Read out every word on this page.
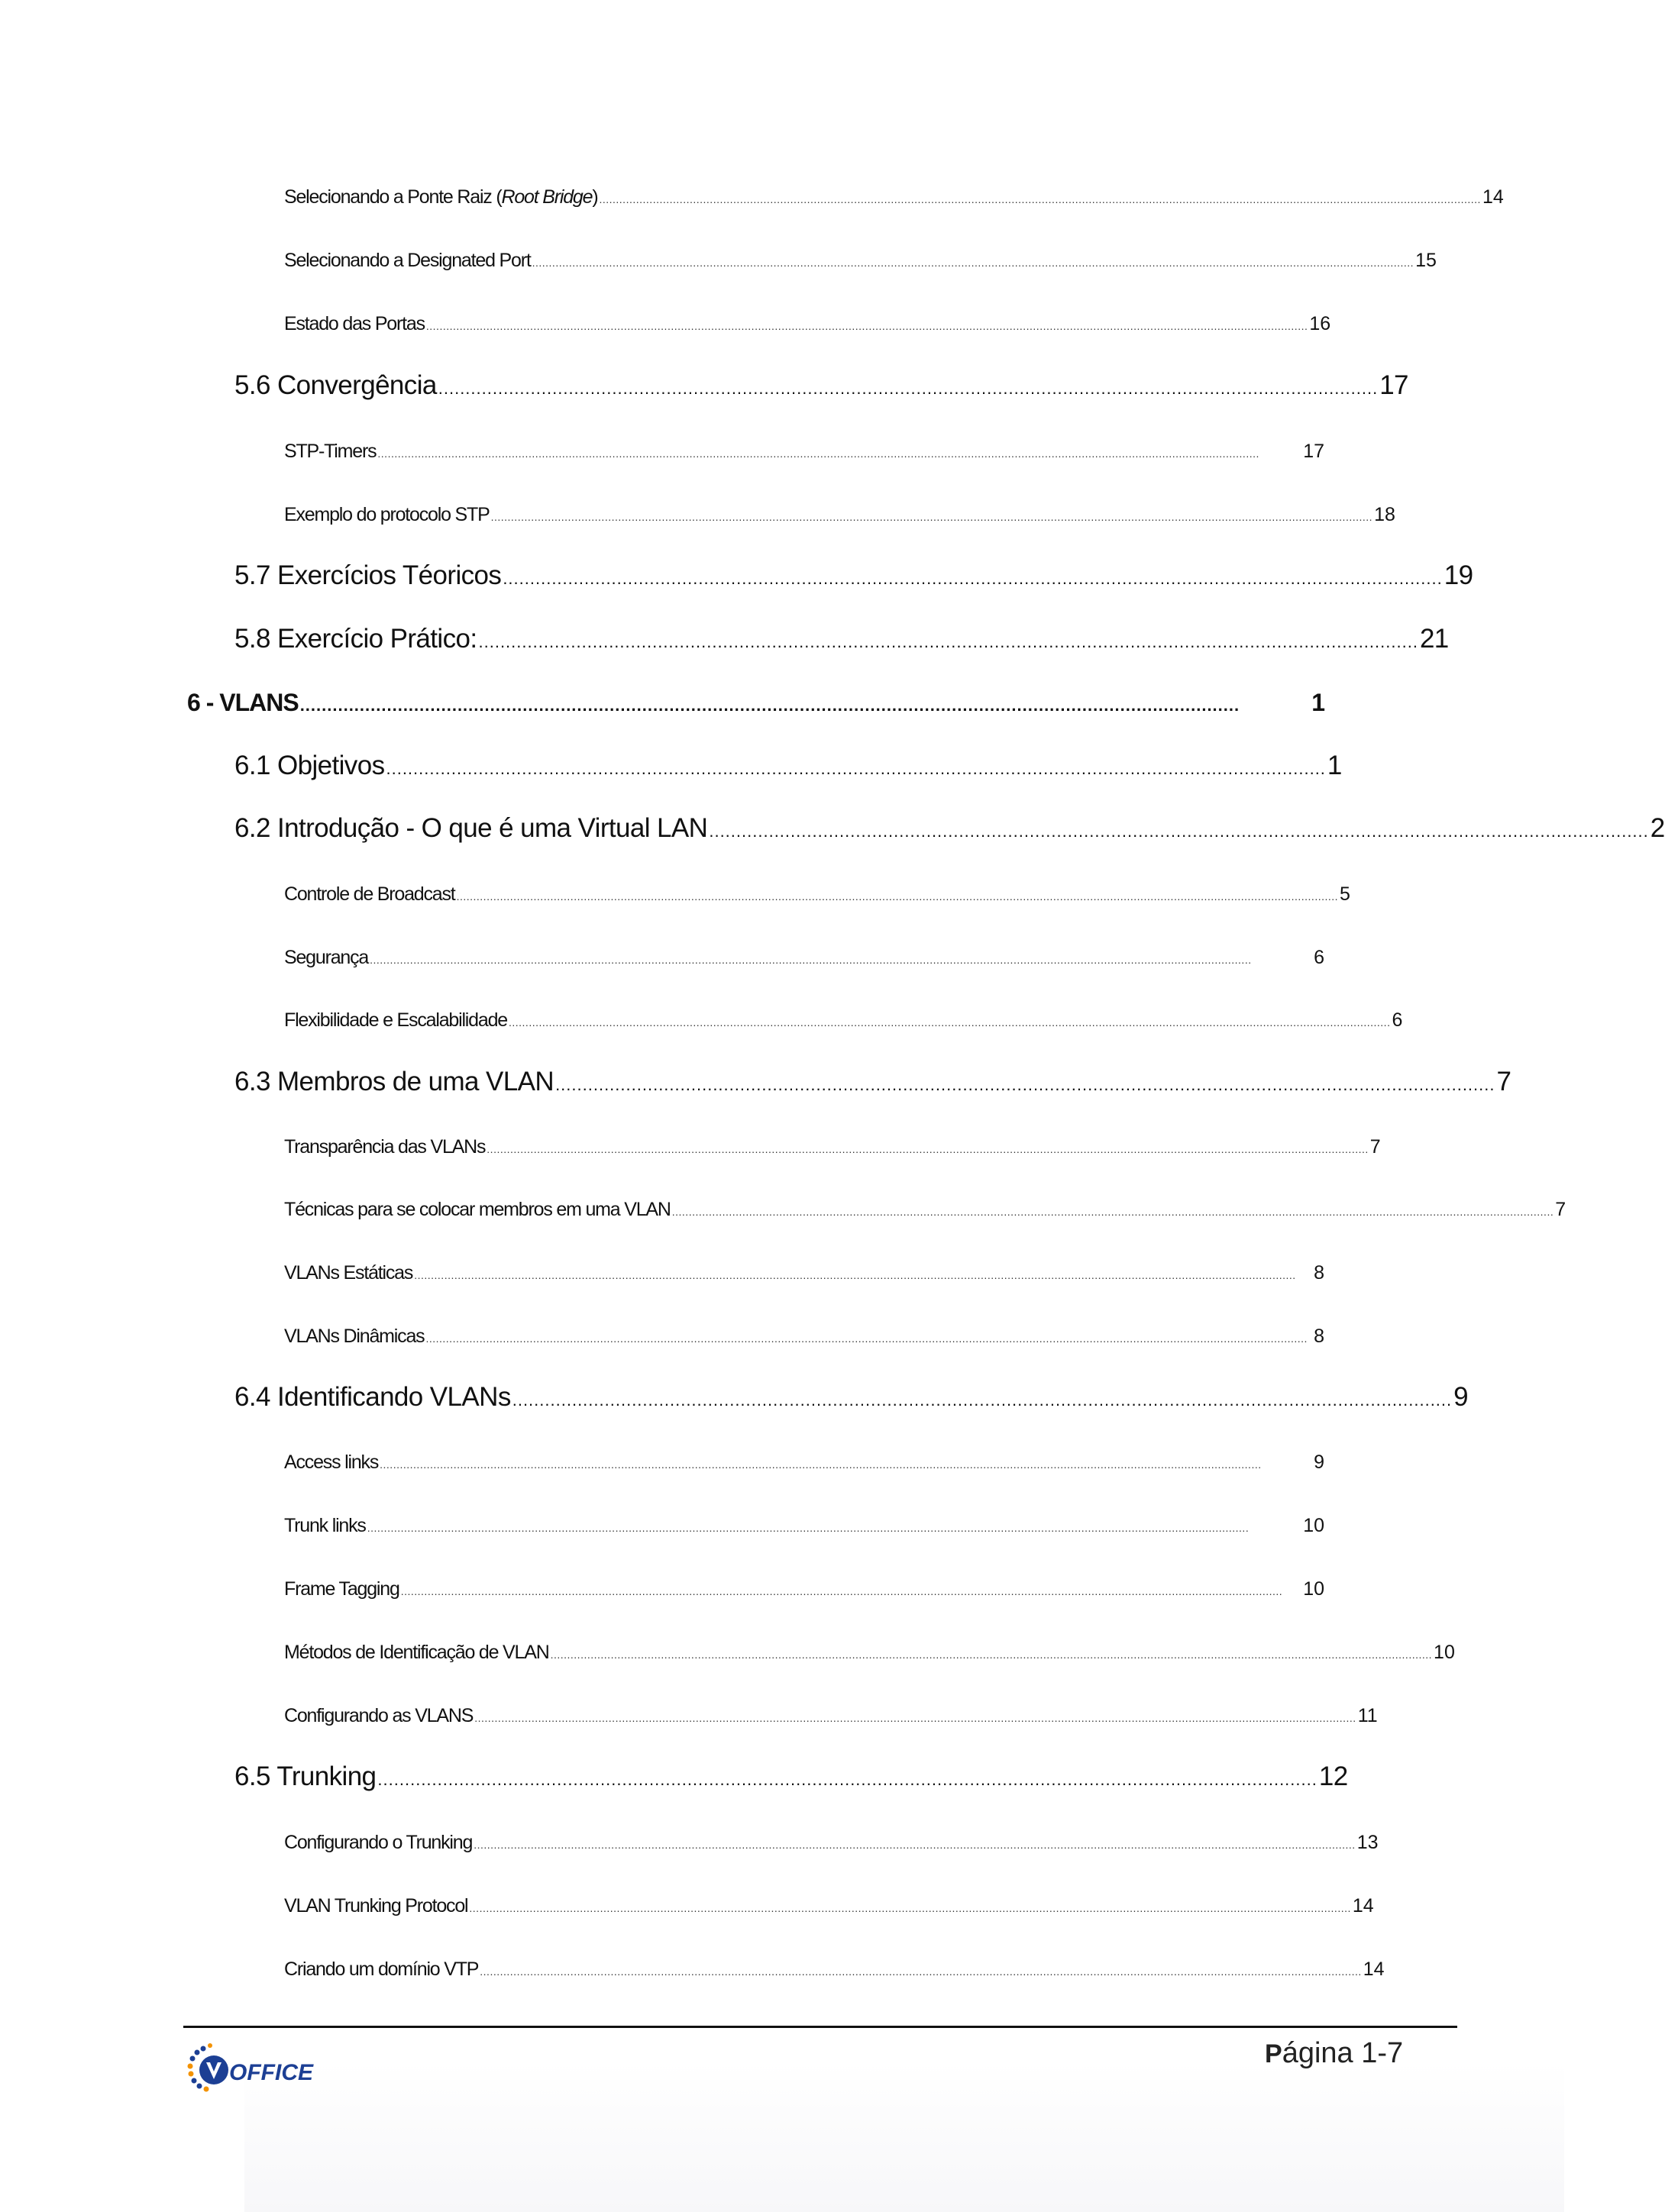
Selecionando a Ponte Raiz (Root Bridge) ....................................................................................................................................................................................................................................................................... 14
Selecionando a Designated Port ....................................................................................................................................................................................................................................................................... 15
Estado das Portas ....................................................................................................................................................................................................................................................................... 16
5.6 Convergência ............................................................................................................................................................................. 17
STP-Timers .......................................................................................................................................................................................................................................................................	17
Exemplo do protocolo STP ....................................................................................................................................................................................................................................................................... 18
5.7 Exercícios Téoricos ............................................................................................................................................................................. 19
5.8 Exercício Prático: ............................................................................................................................................................................. 21
6 - VLANS .............................................................................................................................................................................	1
6.1 Objetivos ............................................................................................................................................................................. 1
6.2 Introdução - O que é uma Virtual LAN ............................................................................................................................................................................. 2
Controle de Broadcast ....................................................................................................................................................................................................................................................................... 5
Segurança .......................................................................................................................................................................................................................................................................	6
Flexibilidade e Escalabilidade ....................................................................................................................................................................................................................................................................... 6
6.3 Membros de uma VLAN ............................................................................................................................................................................. 7
Transparência das VLANs ....................................................................................................................................................................................................................................................................... 7
Técnicas para se colocar membros em uma VLAN ....................................................................................................................................................................................................................................................................... 7
VLANs Estáticas ....................................................................................................................................................................................................................................................................... 8
VLANs Dinâmicas ....................................................................................................................................................................................................................................................................... 8
6.4 Identificando VLANs ............................................................................................................................................................................. 9
Access links .......................................................................................................................................................................................................................................................................	9
Trunk links .......................................................................................................................................................................................................................................................................	10
Frame Tagging .......................................................................................................................................................................................................................................................................	10
Métodos de Identificação de VLAN ....................................................................................................................................................................................................................................................................... 10
Configurando as VLANS ....................................................................................................................................................................................................................................................................... 11
6.5 Trunking ............................................................................................................................................................................. 12
Configurando o Trunking ....................................................................................................................................................................................................................................................................... 13
VLAN Trunking Protocol ....................................................................................................................................................................................................................................................................... 14
Criando um domínio VTP ....................................................................................................................................................................................................................................................................... 14
OFFICE
Página 1-7
